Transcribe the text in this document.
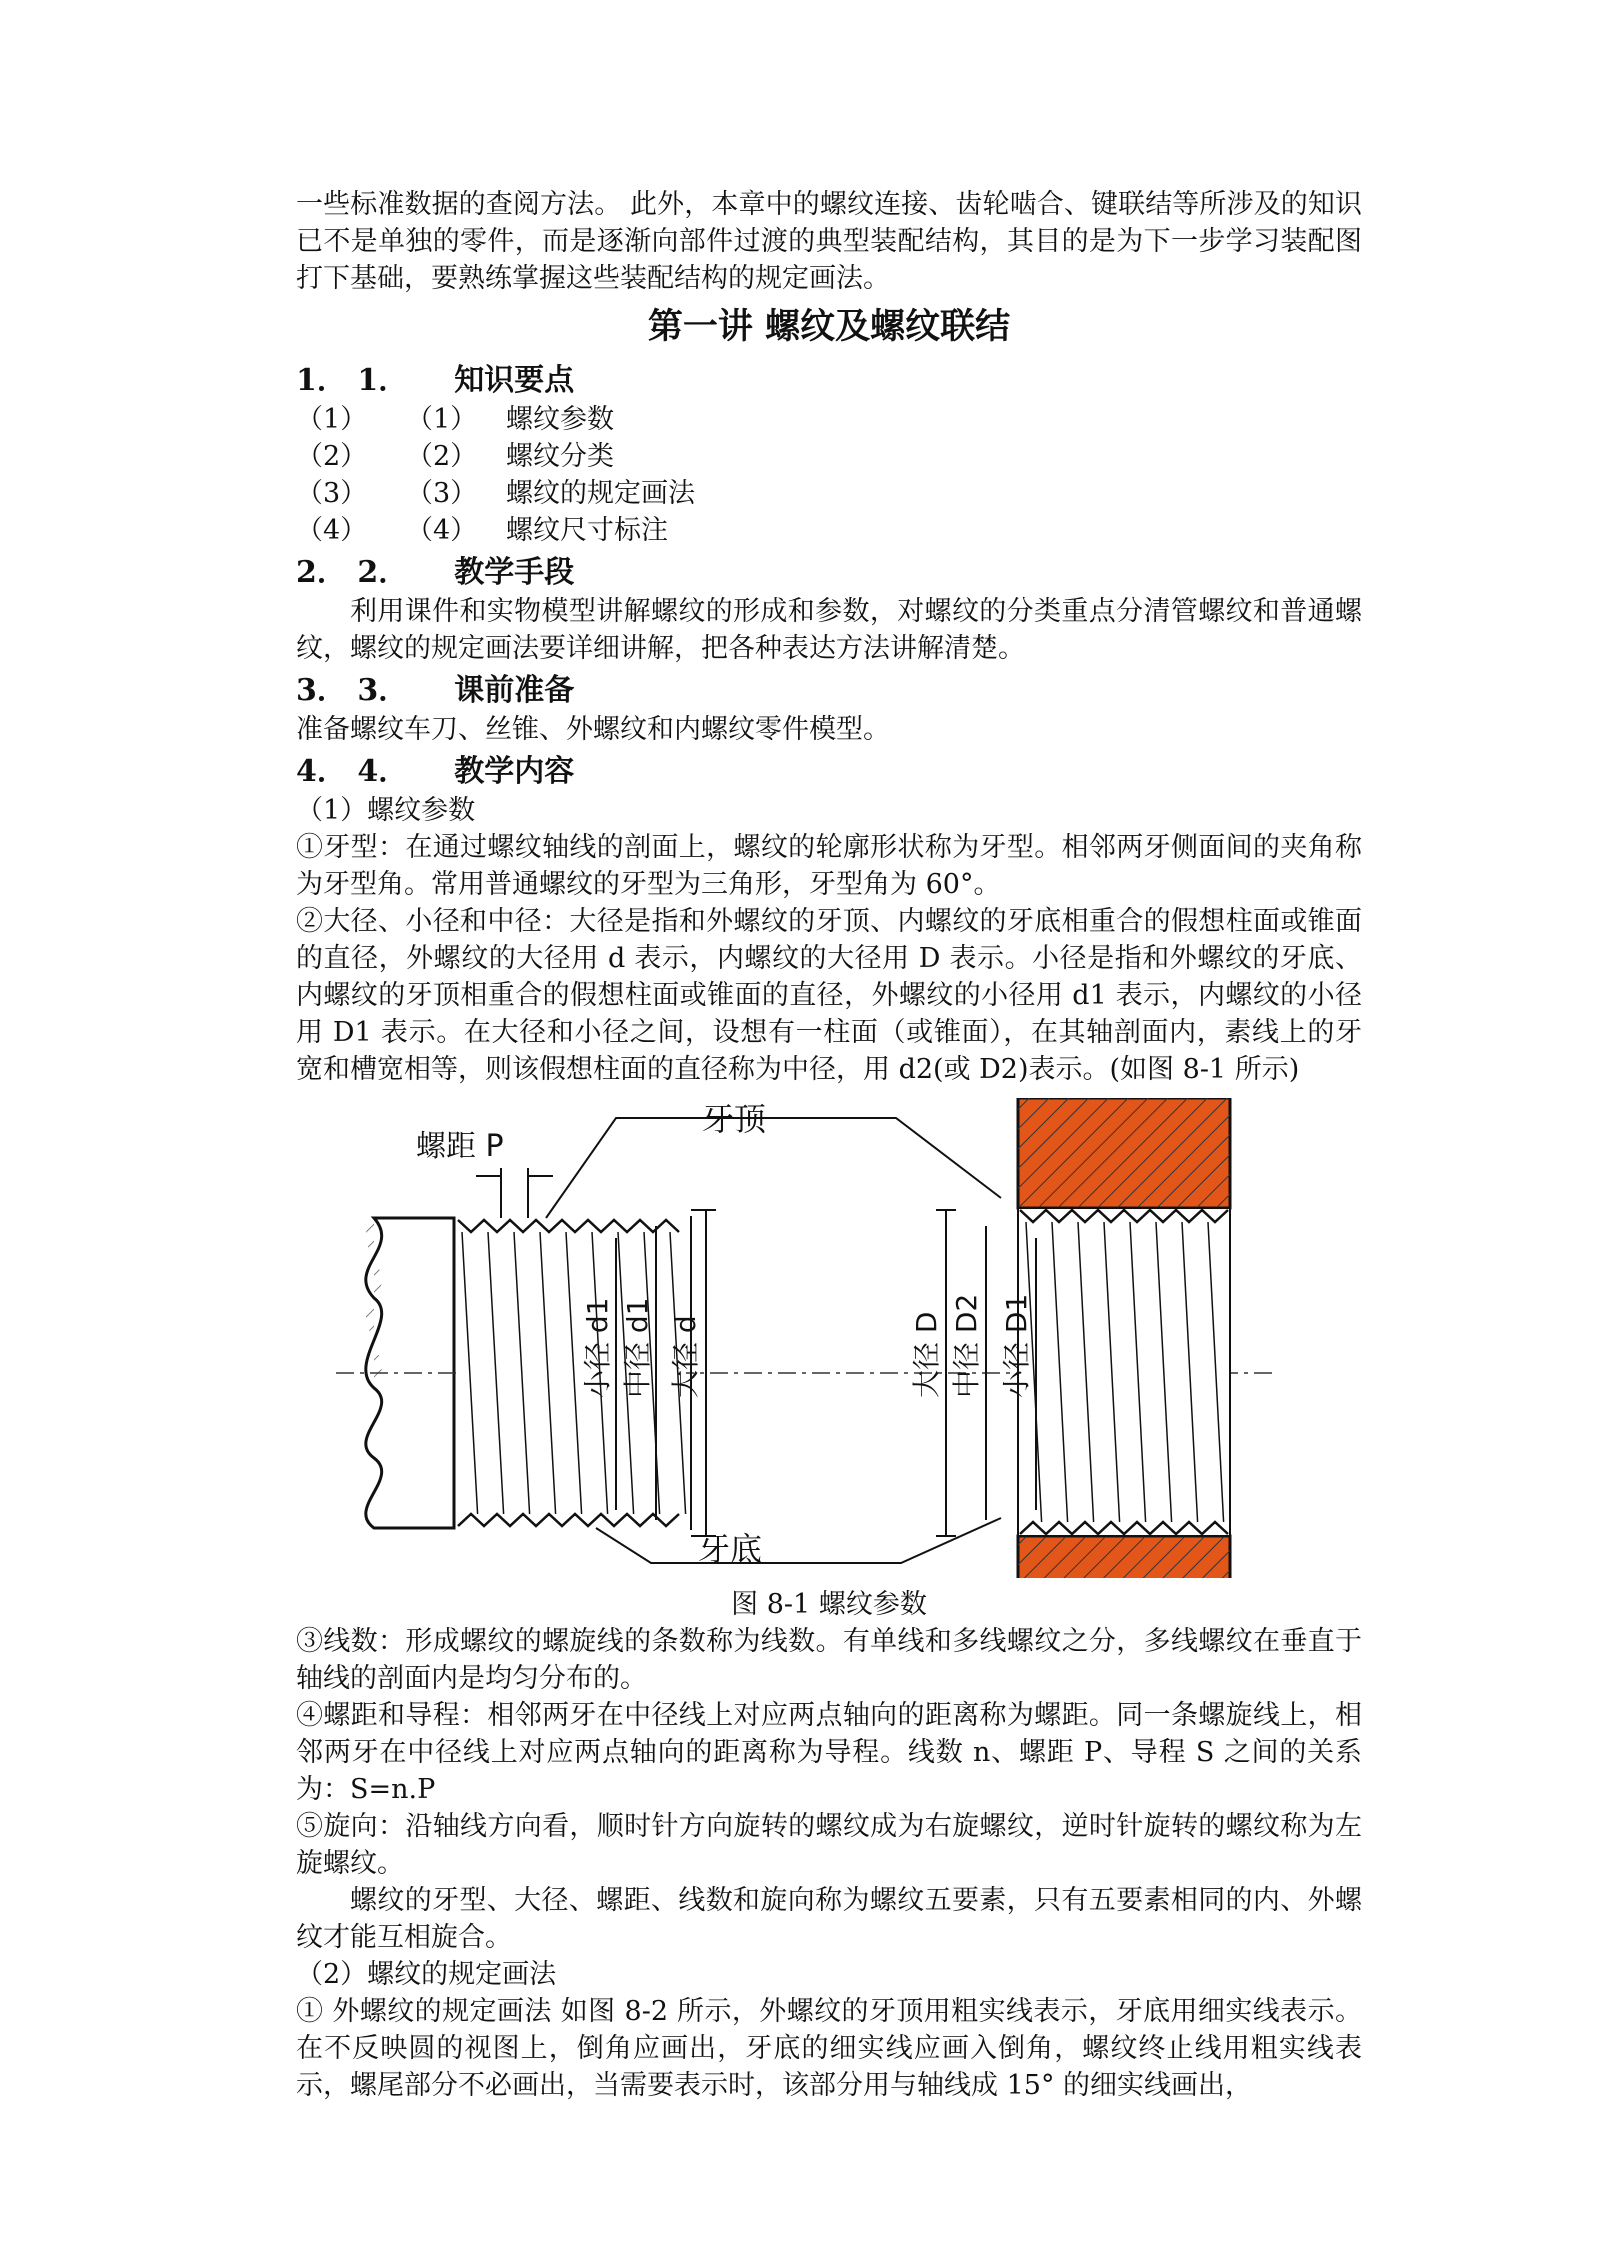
一些标准数据的查阅方法。 此外，本章中的螺纹连接、齿轮啮合、键联结等所涉及的知识已不是单独的零件，而是逐渐向部件过渡的典型装配结构，其目的是为下一步学习装配图打下基础，要熟练掌握这些装配结构的规定画法。

第一讲 螺纹及螺纹联结
1． 1． 知识要点
（1） （1） 螺纹参数
（2） （2） 螺纹分类
（3） （3） 螺纹的规定画法
（4） （4） 螺纹尺寸标注
2． 2． 教学手段

利用课件和实物模型讲解螺纹的形成和参数，对螺纹的分类重点分清管螺纹和普通螺纹，螺纹的规定画法要详细讲解，把各种表达方法讲解清楚。

3． 3． 课前准备

准备螺纹车刀、丝锥、外螺纹和内螺纹零件模型。

4． 4． 教学内容

（1）螺纹参数

①牙型：在通过螺纹轴线的剖面上，螺纹的轮廓形状称为牙型。相邻两牙侧面间的夹角称为牙型角。常用普通螺纹的牙型为三角形，牙型角为 60°。

②大径、小径和中径：大径是指和外螺纹的牙顶、内螺纹的牙底相重合的假想柱面或锥面的直径，外螺纹的大径用 d 表示，内螺纹的大径用 D 表示。小径是指和外螺纹的牙底、内螺纹的牙顶相重合的假想柱面或锥面的直径，外螺纹的小径用 d1 表示，内螺纹的小径用 D1 表示。在大径和小径之间，设想有一柱面（或锥面），在其轴剖面内，素线上的牙宽和槽宽相等，则该假想柱面的直径称为中径，用 d2(或 D2)表示。(如图 8-1 所示)

螺距 P
牙顶
牙底
小径 d1 中径 d1 大径 d	大径 D 中径 D2 小径 D1

图 8-1 螺纹参数

③线数：形成螺纹的螺旋线的条数称为线数。有单线和多线螺纹之分，多线螺纹在垂直于轴线的剖面内是均匀分布的。

④螺距和导程：相邻两牙在中径线上对应两点轴向的距离称为螺距。同一条螺旋线上，相邻两牙在中径线上对应两点轴向的距离称为导程。线数 n、螺距 P、导程 S 之间的关系为：S=n.P

⑤旋向：沿轴线方向看，顺时针方向旋转的螺纹成为右旋螺纹，逆时针旋转的螺纹称为左旋螺纹。

螺纹的牙型、大径、螺距、线数和旋向称为螺纹五要素，只有五要素相同的内、外螺纹才能互相旋合。

（2）螺纹的规定画法

① 外螺纹的规定画法 如图 8-2 所示，外螺纹的牙顶用粗实线表示，牙底用细实线表示。在不反映圆的视图上，倒角应画出，牙底的细实线应画入倒角，螺纹终止线用粗实线表示，螺尾部分不必画出，当需要表示时，该部分用与轴线成 15° 的细实线画出，
